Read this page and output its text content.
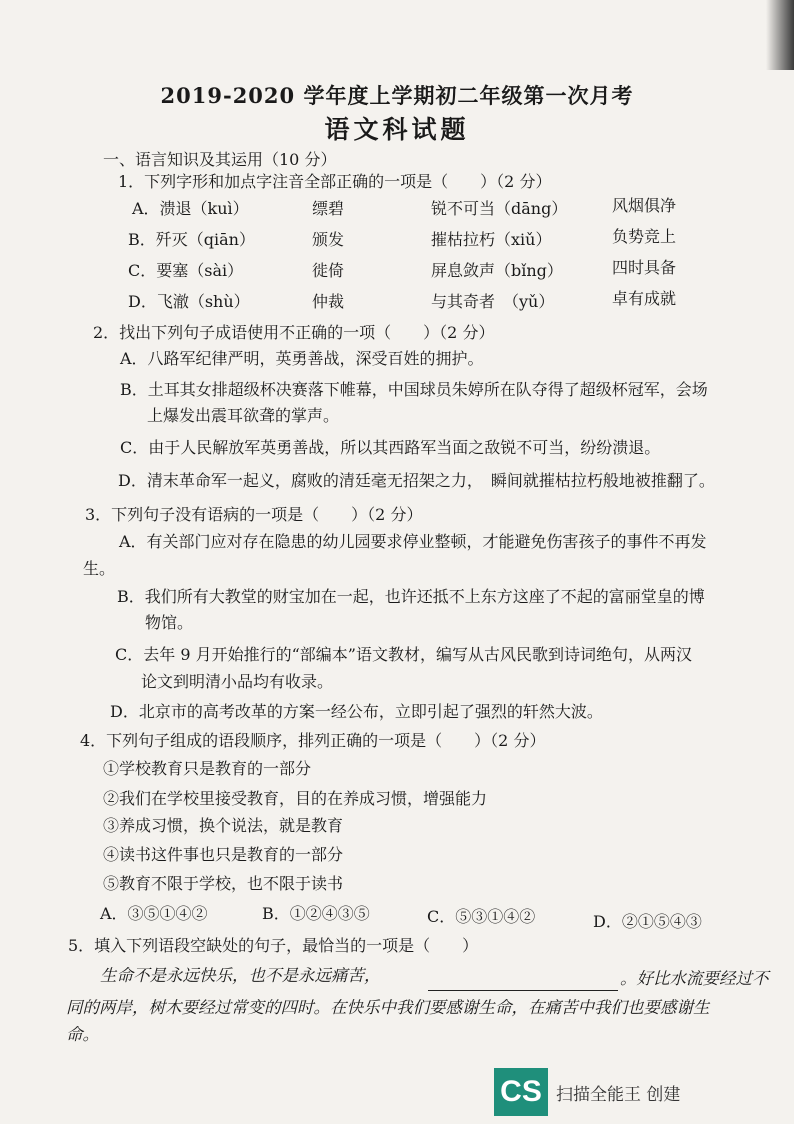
2019-2020 学年度上学期初二年级第一次月考
语文科试题
一、语言知识及其运用（10 分）
1．下列字形和加点字注音全部正确的一项是（　　）（2 分）
A．溃退（kuì）	缥碧	锐不可当（dāng）	风烟俱净
B．歼灭（qiān）	颁发	摧枯拉朽（xiǔ）	负势竞上
C．要塞（sài）	徙倚	屏息敛声（bǐng）	四时具备
D．飞澈（shù）	仲裁	与其奇者　（yǔ）	卓有成就
2．找出下列句子成语使用不正确的一项（　　）（2 分）
A．八路军纪律严明，英勇善战，深受百姓的拥护。
B．土耳其女排超级杯决赛落下帷幕，中国球员朱婷所在队夺得了超级杯冠军，会场
上爆发出震耳欲聋的掌声。
C．由于人民解放军英勇善战，所以其西路军当面之敌锐不可当，纷纷溃退。
D．清末革命军一起义，腐败的清廷毫无招架之力，　瞬间就摧枯拉朽般地被推翻了。
3．下列句子没有语病的一项是（　　）（2 分）
A．有关部门应对存在隐患的幼儿园要求停业整顿，才能避免伤害孩子的事件不再发
生。
B．我们所有大教堂的财宝加在一起，也许还抵不上东方这座了不起的富丽堂皇的博
物馆。
C．去年 9 月开始推行的“部编本”语文教材，编写从古风民歌到诗词绝句，从两汉
论文到明清小品均有收录。
D．北京市的高考改革的方案一经公布，立即引起了强烈的轩然大波。
4．下列句子组成的语段顺序，排列正确的一项是（　　）（2 分）
①学校教育只是教育的一部分
②我们在学校里接受教育，目的在养成习惯，增强能力
③养成习惯，换个说法，就是教育
④读书这件事也只是教育的一部分
⑤教育不限于学校，也不限于读书
A．③⑤①④②	B．①②④③⑤	C．⑤③①④②	D．②①⑤④③
5．填入下列语段空缺处的句子，最恰当的一项是（　　）
生命不是永远快乐，也不是永远痛苦，	。好比水流要经过不
同的两岸，树木要经过常变的四时。在快乐中我们要感谢生命，在痛苦中我们也要感谢生
命。
CS 扫描全能王 创建
